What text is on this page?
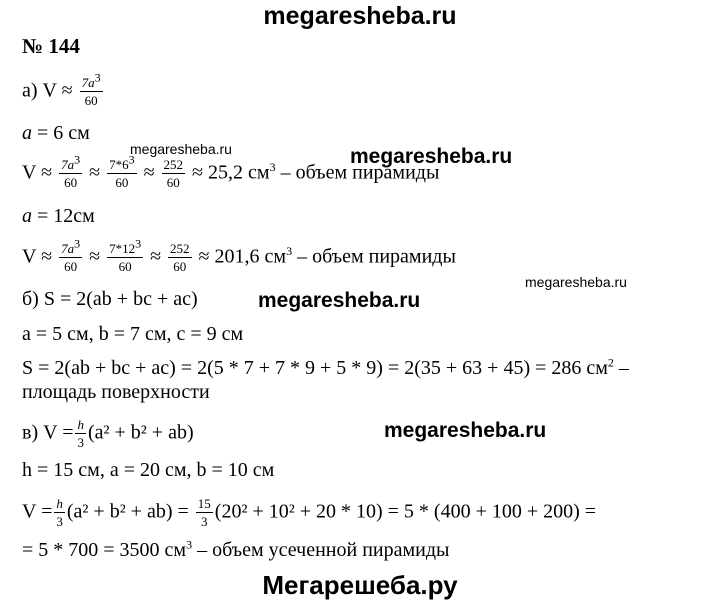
megaresheba.ru
№ 144
а) $V \approx \frac{7a^3}{60}$
a = 6 см
megaresheba.ru	megaresheba.ru
$V \approx \frac{7a^3}{60} \approx \frac{7*6^3}{60} \approx \frac{252}{60} \approx 25,2$ $см^3$ – объем пирамиды
a = 12см
$V \approx \frac{7a^3}{60} \approx \frac{7*12^3}{60} \approx \frac{252}{60} \approx 201,6$ $см^3$ – объем пирамиды
megaresheba.ru
б) S = 2(ab + bc + ac)	megaresheba.ru
a = 5 см, b = 7 см, c = 9 см
S = 2(ab + bc + ac) = 2(5 * 7 + 7 * 9 + 5 * 9) = 2(35 + 63 + 45) = 286 $см^2$ –
площадь поверхности
в) $V = \frac{h}{3} (a^2 + b^2 + ab)$	megaresheba.ru
h = 15 см, a = 20 см, b = 10 см
$V = \frac{h}{3} (a^2 + b^2 + ab) = \frac{15}{3} (20^2 + 10^2 + 20 * 10) = 5 * (400 + 100 + 200)$ =
= 5 * 700 = 3500 $см^3$ – объем усеченной пирамиды
Мегарешеба.ру
